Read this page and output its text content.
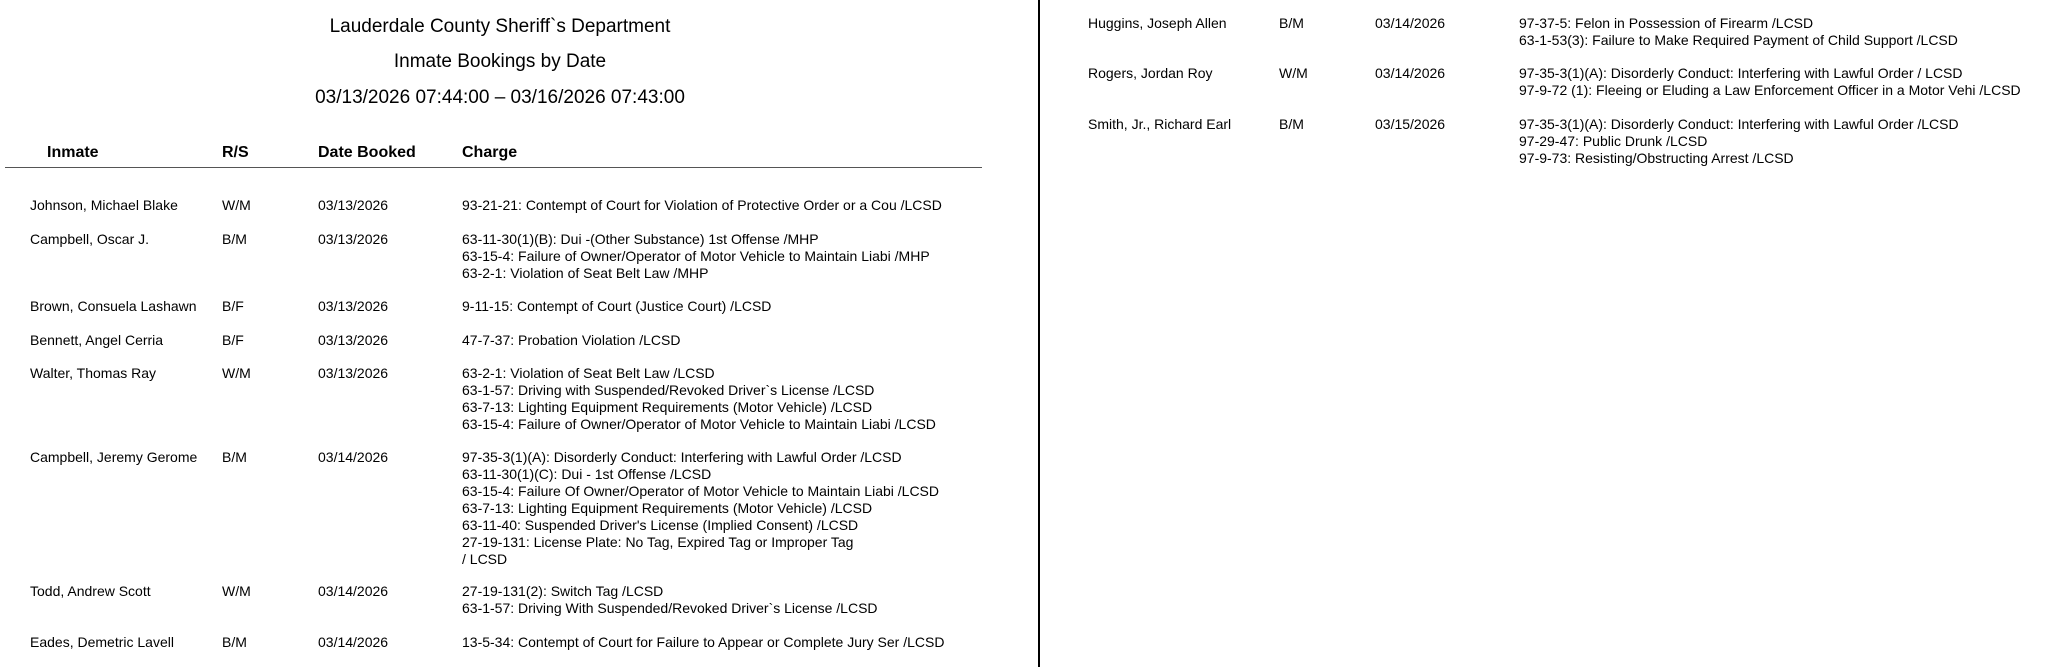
Lauderdale County Sheriff`s Department
Inmate Bookings by Date
03/13/2026 07:44:00 – 03/16/2026 07:43:00
Inmate	R/S	Date Booked	Charge
Johnson, Michael Blake	W/M	03/13/2026	93-21-21: Contempt of Court for Violation of Protective Order or a Cou /LCSD
Campbell, Oscar J.	B/M	03/13/2026	63-11-30(1)(B): Dui -(Other Substance) 1st Offense /MHP
63-15-4: Failure of Owner/Operator of Motor Vehicle to Maintain Liabi /MHP
63-2-1: Violation of Seat Belt Law /MHP
Brown, Consuela Lashawn B/F	03/13/2026	9-11-15: Contempt of Court (Justice Court) /LCSD
Bennett, Angel Cerria	B/F	03/13/2026	47-7-37: Probation Violation /LCSD
Walter, Thomas Ray	W/M	03/13/2026	63-2-1: Violation of Seat Belt Law /LCSD
63-1-57: Driving with Suspended/Revoked Driver`s License /LCSD
63-7-13: Lighting Equipment Requirements (Motor Vehicle) /LCSD
63-15-4: Failure of Owner/Operator of Motor Vehicle to Maintain Liabi /LCSD
Campbell, Jeremy Gerome B/M	03/14/2026	97-35-3(1)(A): Disorderly Conduct: Interfering with Lawful Order /LCSD
63-11-30(1)(C): Dui - 1st Offense /LCSD
63-15-4: Failure Of Owner/Operator of Motor Vehicle to Maintain Liabi /LCSD
63-7-13: Lighting Equipment Requirements (Motor Vehicle) /LCSD
63-11-40: Suspended Driver's License (Implied Consent) /LCSD
27-19-131: License Plate: No Tag, Expired Tag or Improper Tag
/ LCSD
Todd, Andrew Scott	W/M	03/14/2026	27-19-131(2): Switch Tag /LCSD
63-1-57: Driving With Suspended/Revoked Driver`s License /LCSD
Eades, Demetric Lavell	B/M	03/14/2026	13-5-34: Contempt of Court for Failure to Appear or Complete Jury Ser /LCSD
Huggins, Joseph Allen	B/M	03/14/2026	97-37-5: Felon in Possession of Firearm /LCSD
63-1-53(3): Failure to Make Required Payment of Child Support /LCSD
Rogers, Jordan Roy	W/M	03/14/2026	97-35-3(1)(A): Disorderly Conduct: Interfering with Lawful Order / LCSD
97-9-72 (1): Fleeing or Eluding a Law Enforcement Officer in a Motor Vehi /LCSD
Smith, Jr., Richard Earl	B/M	03/15/2026	97-35-3(1)(A): Disorderly Conduct: Interfering with Lawful Order /LCSD
97-29-47: Public Drunk /LCSD
97-9-73: Resisting/Obstructing Arrest /LCSD
